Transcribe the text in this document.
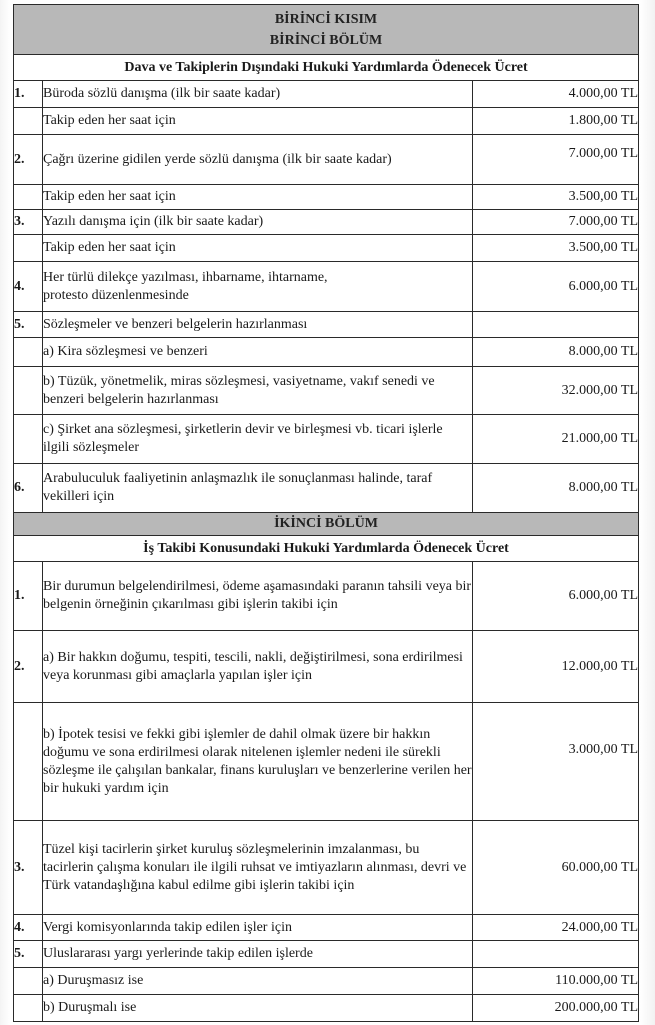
BİRİNCİ KISIM
BİRİNCİ BÖLÜM		

Dava ve Takiplerin Dışındaki Hukuki Yardımlarda Ödenecek Ücret		
1.	Büroda sözlü danışma (ilk bir saate kadar)	4.000,00 TL
	Takip eden her saat için	1.800,00 TL
2.	Çağrı üzerine gidilen yerde sözlü danışma (ilk bir saate kadar)	7.000,00 TL
	Takip eden her saat için	3.500,00 TL
3.	Yazılı danışma için (ilk bir saate kadar)	7.000,00 TL
	Takip eden her saat için	3.500,00 TL
4.	Her türlü dilekçe yazılması, ihbarname, ihtarname, protesto düzenlenmesinde	6.000,00 TL
5.	Sözleşmeler ve benzeri belgelerin hazırlanması	
	a) Kira sözleşmesi ve benzeri	8.000,00 TL
	b) Tüzük, yönetmelik, miras sözleşmesi, vasiyetname, vakıf senedi ve benzeri belgelerin hazırlanması	32.000,00 TL
	c) Şirket ana sözleşmesi, şirketlerin devir ve birleşmesi vb. ticari işlerle ilgili sözleşmeler	21.000,00 TL
6.	Arabuluculuk faaliyetinin anlaşmazlık ile sonuçlanması halinde, taraf vekilleri için	8.000,00 TL
İKİNCİ BÖLÜM		
İş Takibi Konusundaki Hukuki Yardımlarda Ödenecek Ücret		
1.	Bir durumun belgelendirilmesi, ödeme aşamasındaki paranın tahsili veya bir belgenin örneğinin çıkarılması gibi işlerin takibi için	6.000,00 TL
2.	a) Bir hakkın doğumu, tespiti, tescili, nakli, değiştirilmesi, sona erdirilmesi veya korunması gibi amaçlarla yapılan işler için	12.000,00 TL
	b) İpotek tesisi ve fekki gibi işlemler de dahil olmak üzere bir hakkın doğumu ve sona erdirilmesi olarak nitelenen işlemler nedeni ile sürekli sözleşme ile çalışılan bankalar, finans kuruluşları ve benzerlerine verilen her bir hukuki yardım için	3.000,00 TL
3.	Tüzel kişi tacirlerin şirket kuruluş sözleşmelerinin imzalanması, bu tacirlerin çalışma konuları ile ilgili ruhsat ve imtiyazların alınması, devri ve Türk vatandaşlığına kabul edilme gibi işlerin takibi için	60.000,00 TL
4.	Vergi komisyonlarında takip edilen işler için	24.000,00 TL
5.	Uluslararası yargı yerlerinde takip edilen işlerde	
	a) Duruşmasız ise	110.000,00 TL
	b) Duruşmalı ise	200.000,00 TL
